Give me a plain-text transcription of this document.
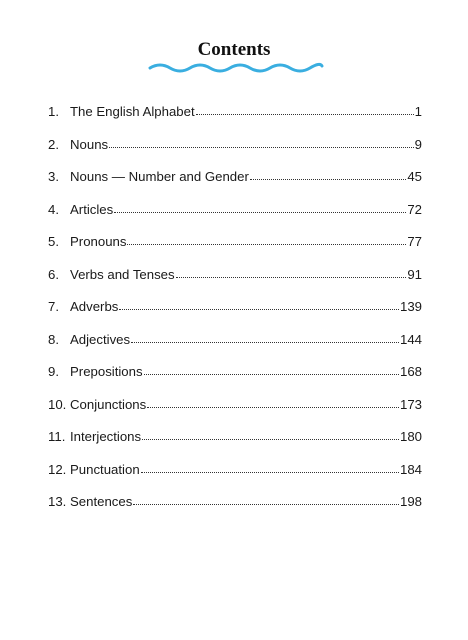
Contents
1. The English Alphabet	1
2. Nouns	9
3. Nouns — Number and Gender	45
4. Articles	72
5. Pronouns	77
6. Verbs and Tenses	91
7. Adverbs	139
8. Adjectives	144
9. Prepositions	168
10. Conjunctions	173
11. Interjections	180
12. Punctuation	184
13. Sentences	198
